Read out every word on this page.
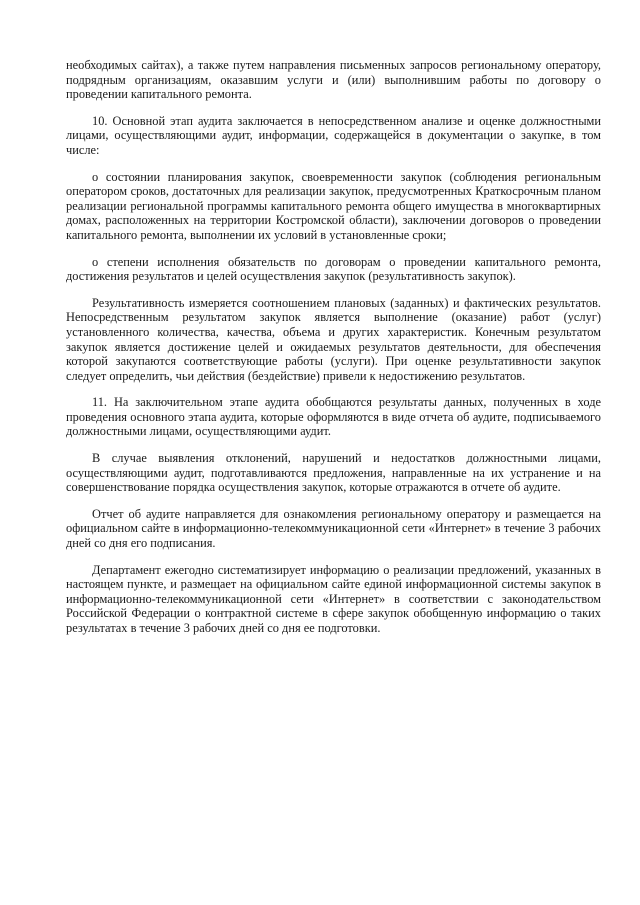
необходимых сайтах), а также путем направления письменных запросов региональному оператору, подрядным организациям, оказавшим услуги и (или) выполнившим работы по договору о проведении капитального ремонта.

10. Основной этап аудита заключается в непосредственном анализе и оценке должностными лицами, осуществляющими аудит, информации, содержащейся в документации о закупке, в том числе:

о состоянии планирования закупок, своевременности закупок (соблюдения региональным оператором сроков, достаточных для реализации закупок, предусмотренных Краткосрочным планом реализации региональной программы капитального ремонта общего имущества в многоквартирных домах, расположенных на территории Костромской области), заключении договоров о проведении капитального ремонта, выполнении их условий в установленные сроки;

о степени исполнения обязательств по договорам о проведении капитального ремонта, достижения результатов и целей осуществления закупок (результативность закупок).

Результативность измеряется соотношением плановых (заданных) и фактических результатов. Непосредственным результатом закупок является выполнение (оказание) работ (услуг) установленного количества, качества, объема и других характеристик. Конечным результатом закупок является достижение целей и ожидаемых результатов деятельности, для обеспечения которой закупаются соответствующие работы (услуги). При оценке результативности закупок следует определить, чьи действия (бездействие) привели к недостижению результатов.

11. На заключительном этапе аудита обобщаются результаты данных, полученных в ходе проведения основного этапа аудита, которые оформляются в виде отчета об аудите, подписываемого должностными лицами, осуществляющими аудит.

В случае выявления отклонений, нарушений и недостатков должностными лицами, осуществляющими аудит, подготавливаются предложения, направленные на их устранение и на совершенствование порядка осуществления закупок, которые отражаются в отчете об аудите.

Отчет об аудите направляется для ознакомления региональному оператору и размещается на официальном сайте в информационно-телекоммуникационной сети «Интернет» в течение 3 рабочих дней со дня его подписания.

Департамент ежегодно систематизирует информацию о реализации предложений, указанных в настоящем пункте, и размещает на официальном сайте единой информационной системы закупок в информационно-телекоммуникационной сети «Интернет» в соответствии с законодательством Российской Федерации о контрактной системе в сфере закупок обобщенную информацию о таких результатах в течение 3 рабочих дней со дня ее подготовки.
